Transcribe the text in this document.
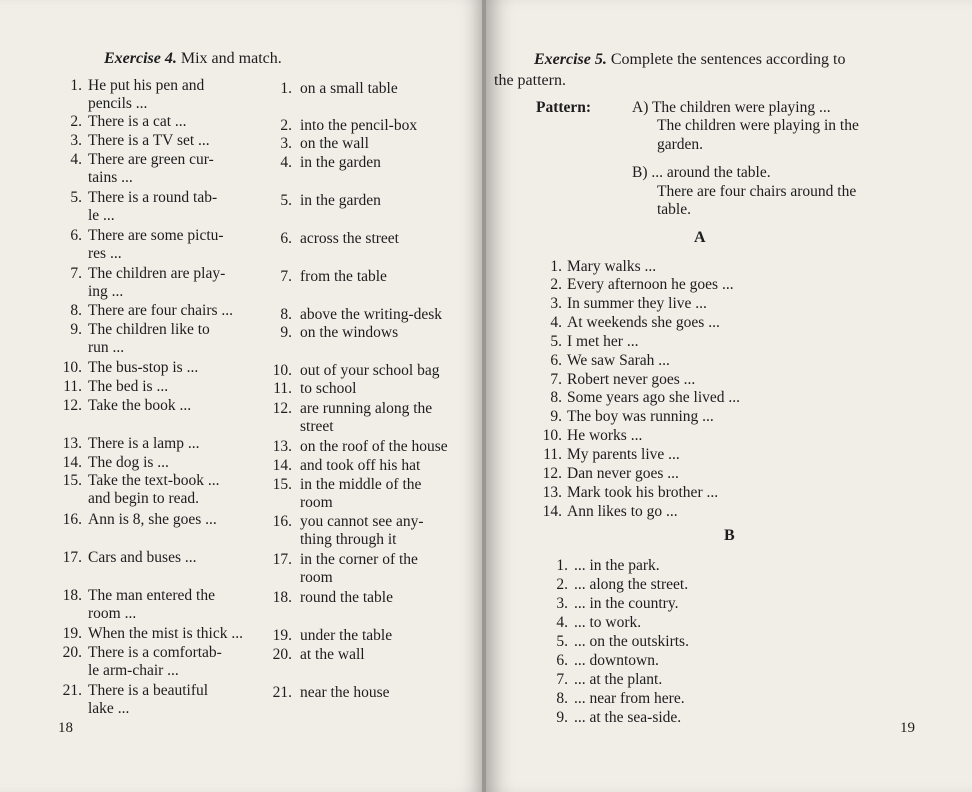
Exercise 4. Mix and match.
18
1. He put his pen and
pencils ...
2. There is a cat ...
3. There is a TV set ...
4. There are green cur-
tains ...
5. There is a round tab-
le ...
6. There are some pictu-
res ...
7. The children are play-
ing ...
8. There are four chairs ...
9. The children like to
run ...
10. The bus-stop is ...
11. The bed is ...
12. Take the book ...
13. There is a lamp ...
14. The dog is ...
15. Take the text-book ...
and begin to read.
16. Ann is 8, she goes ...
17. Cars and buses ...
18. The man entered the
room ...
19. When the mist is thick ...
20. There is a comfortab-
le arm-chair ...
21. There is a beautiful
lake ...
1. on a small table
2. into the pencil-box
3. on the wall
4. in the garden
5. in the garden
6. across the street
7. from the table
8. above the writing-desk
9. on the windows
10. out of your school bag
11. to school
12. are running along the
street
13. on the roof of the house
14. and took off his hat
15. in the middle of the
room
16. you cannot see any-
thing through it
17. in the corner of the
room
18. round the table
19. under the table
20. at the wall
21. near the house
Exercise 5. Complete the sentences according to
the pattern.
Pattern:
A
B
19
A) The children were playing ...
The children were playing in the
garden.
B) ... around the table.
There are four chairs around the
table.
1. Mary walks ...
2. Every afternoon he goes ...
3. In summer they live ...
4. At weekends she goes ...
5. I met her ...
6. We saw Sarah ...
7. Robert never goes ...
8. Some years ago she lived ...
9. The boy was running ...
10. He works ...
11. My parents live ...
12. Dan never goes ...
13. Mark took his brother ...
14. Ann likes to go ...
1. ... in the park.
2. ... along the street.
3. ... in the country.
4. ... to work.
5. ... on the outskirts.
6. ... downtown.
7. ... at the plant.
8. ... near from here.
9. ... at the sea-side.
